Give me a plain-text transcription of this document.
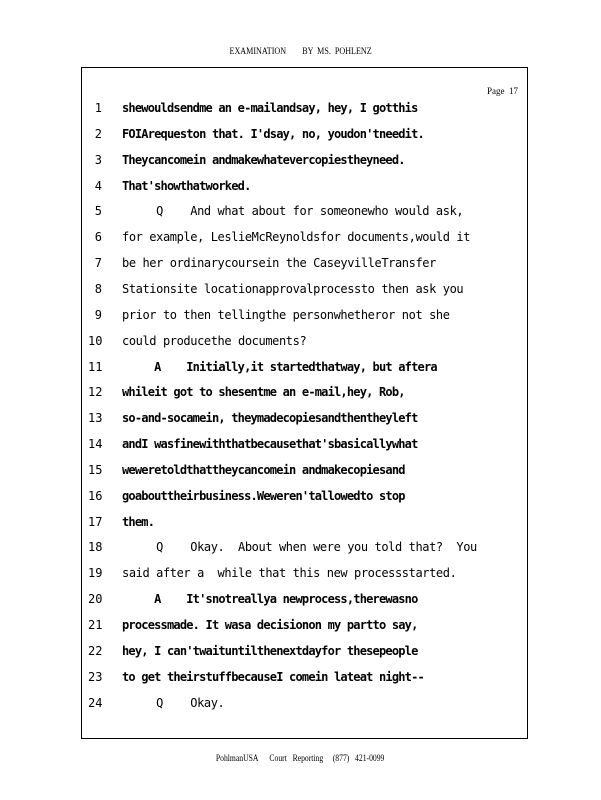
EXAMINATION        BY  MS.  POHLENZ
Page  17
1 shewouldsendme an e-mailandsay, hey, I gotthis
2 FOIArequeston that. I'dsay, no, youdon'tneedit.
3 Theycancomein andmakewhatevercopiestheyneed.
4 That'showthatworked.
5 Q    And what about for someonewho would ask,
6 for example, LeslieMcReynoldsfor documents,would it
7 be her ordinarycoursein the CaseyvilleTransfer
8 Stationsite locationapprovalprocessto then ask you
9 prior to then tellingthe personwhetheror not she
10 could producethe documents?
11 A    Initially,it startedthatway, but aftera
12 whileit got to shesentme an e-mail,hey, Rob,
13 so-and-socamein, theymadecopiesandthentheyleft
14 andI wasfinewiththatbecausethat'sbasicallywhat
15 weweretoldthattheycancomein andmakecopiesand
16 goabouttheirbusiness.Weweren'tallowedto stop
17 them.
18 Q    Okay.  About when were you told that?  You
19 said after a  while that this new processstarted.
20 A    It'snotreallya newprocess,therewasno
21 processmade. It wasa decisionon my partto say,
22 hey, I can'twaituntilthenextdayfor thesepeople
23 to get theirstuffbecauseI comein lateat night--
24 Q    Okay.
PohlmanUSA      Court   Reporting     (877)   421-0099
